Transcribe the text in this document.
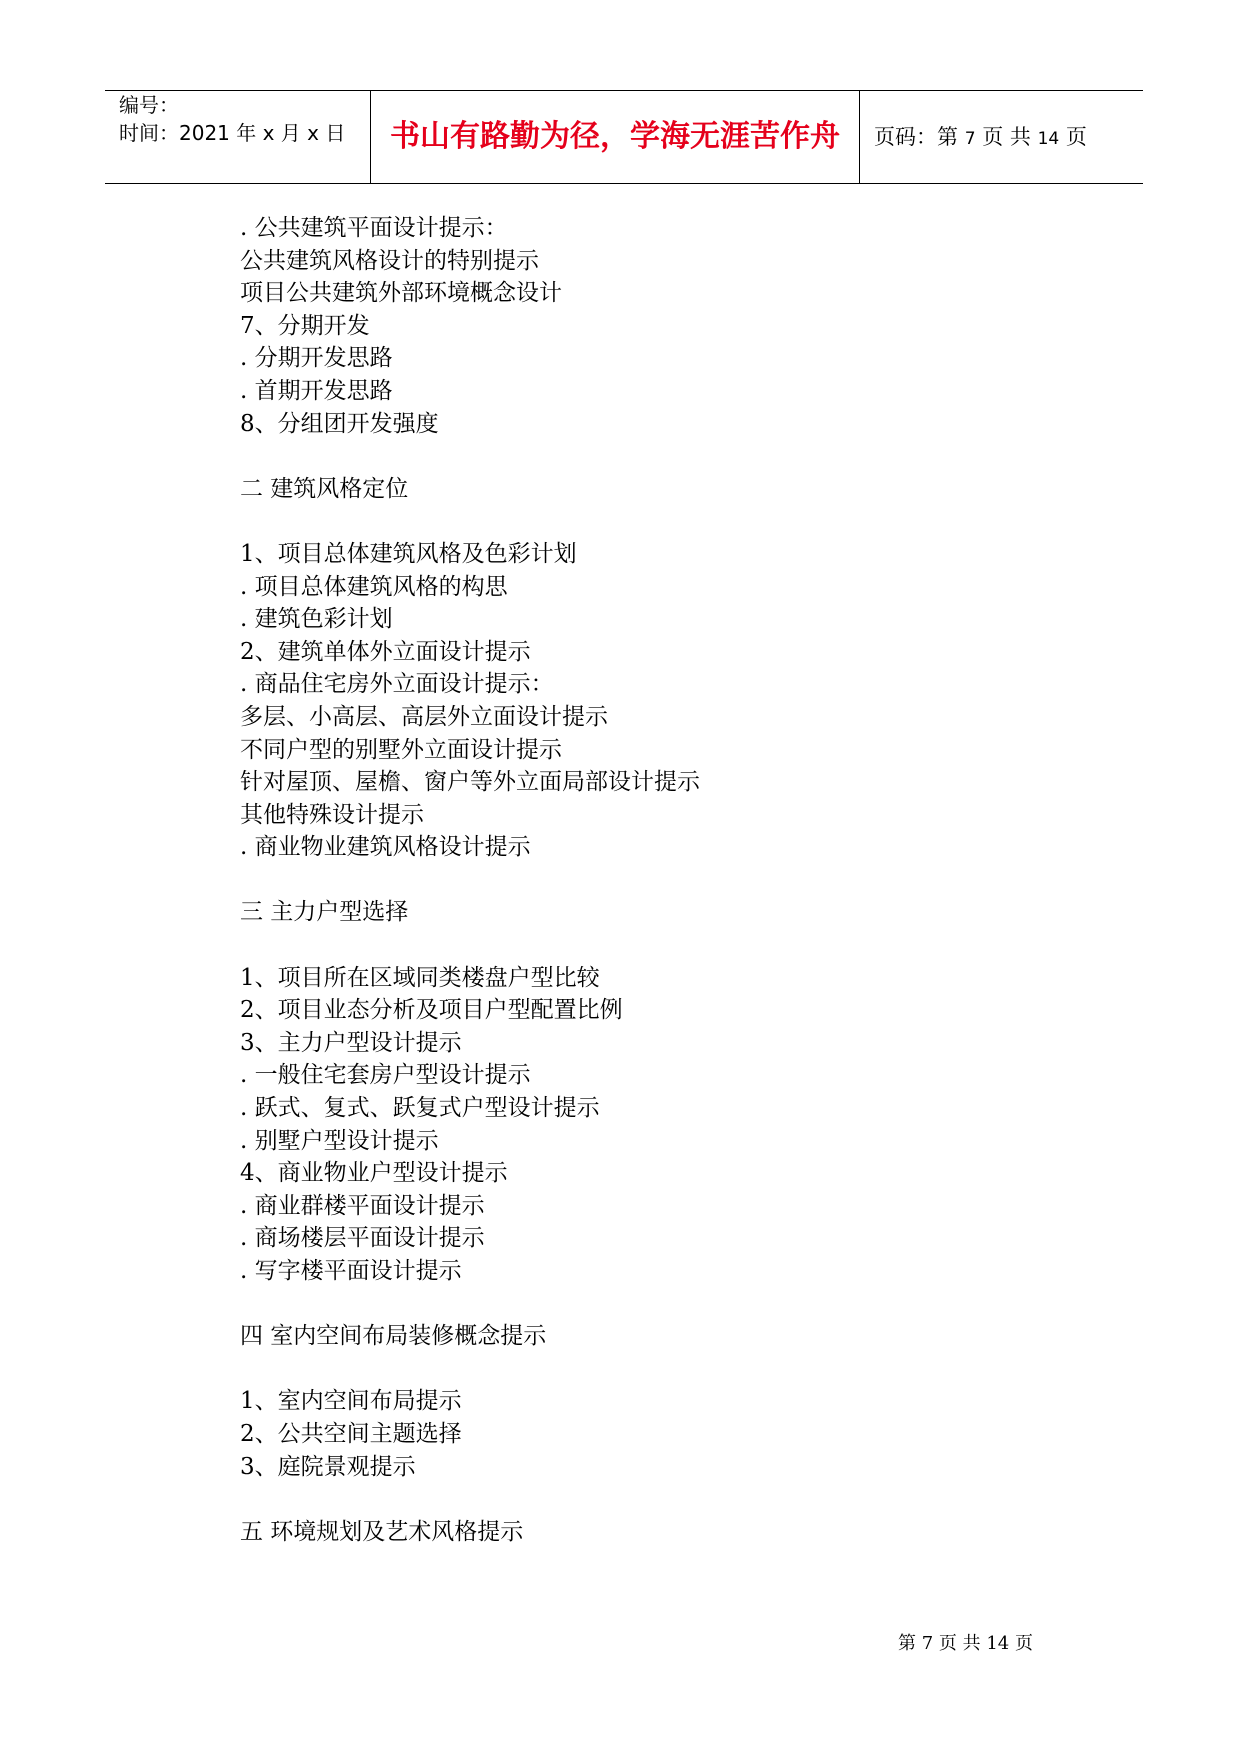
编号：
时间：2021 年 x 月 x 日	书山有路勤为径，学海无涯苦作舟	页码：第 7 页 共 14 页
. 公共建筑平面设计提示：
公共建筑风格设计的特别提示
项目公共建筑外部环境概念设计
7、分期开发
. 分期开发思路
. 首期开发思路
8、分组团开发强度
二 建筑风格定位
1、项目总体建筑风格及色彩计划
. 项目总体建筑风格的构思
. 建筑色彩计划
2、建筑单体外立面设计提示
. 商品住宅房外立面设计提示：
多层、小高层、高层外立面设计提示
不同户型的别墅外立面设计提示
针对屋顶、屋檐、窗户等外立面局部设计提示
其他特殊设计提示
. 商业物业建筑风格设计提示
三 主力户型选择
1、项目所在区域同类楼盘户型比较
2、项目业态分析及项目户型配置比例
3、主力户型设计提示
. 一般住宅套房户型设计提示
. 跃式、复式、跃复式户型设计提示
. 别墅户型设计提示
4、商业物业户型设计提示
. 商业群楼平面设计提示
. 商场楼层平面设计提示
. 写字楼平面设计提示
四 室内空间布局装修概念提示
1、室内空间布局提示
2、公共空间主题选择
3、庭院景观提示
五 环境规划及艺术风格提示
第 7 页 共 14 页
